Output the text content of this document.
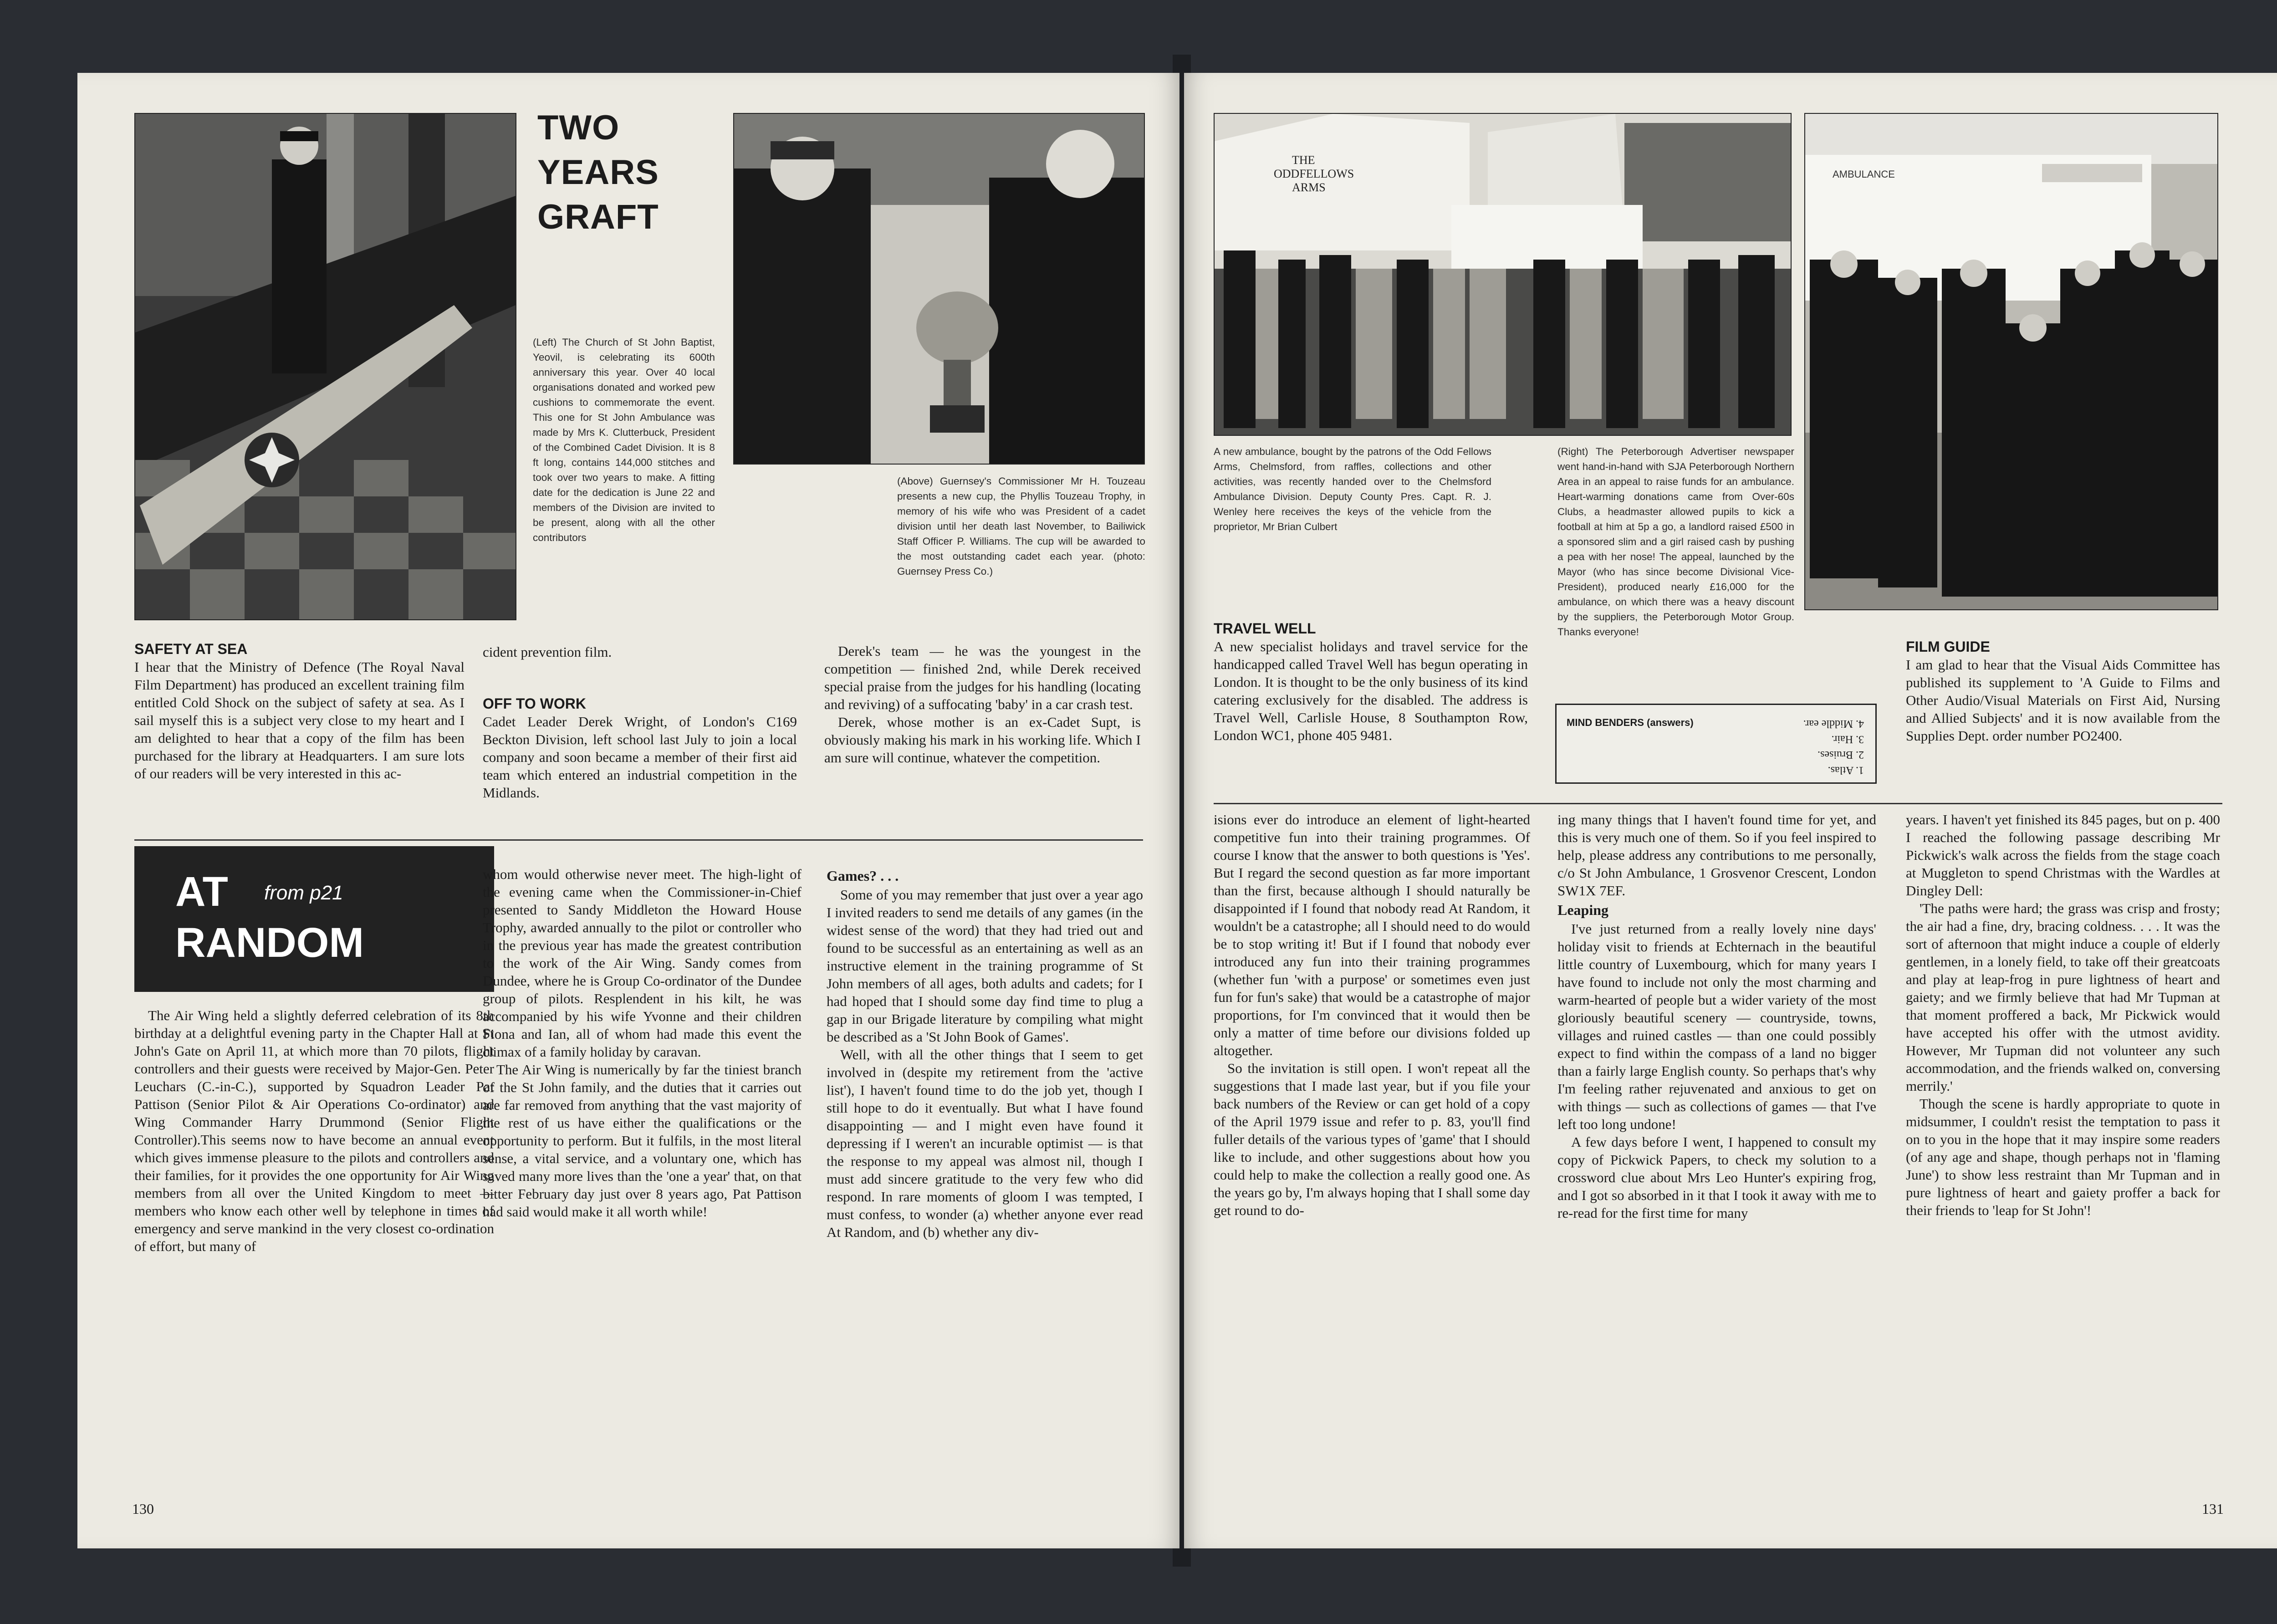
TWO
YEARS
GRAFT
(Left) The Church of St John Baptist, Yeovil, is celebrating its 600th anniversary this year. Over 40 local organisations donated and worked pew cushions to commemorate the event. This one for St John Ambulance was made by Mrs K. Clutterbuck, President of the Combined Cadet Division. It is 8 ft long, contains 144,000 stitches and took over two years to make. A fitting date for the dedication is June 22 and members of the Division are invited to be present, along with all the other contributors
(Above) Guernsey's Commissioner Mr H. Touzeau presents a new cup, the Phyllis Touzeau Trophy, in memory of his wife who was President of a cadet division until her death last November, to Bailiwick Staff Officer P. Williams. The cup will be awarded to the most outstanding cadet each year. (photo: Guernsey Press Co.)
SAFETY AT SEA

I hear that the Ministry of Defence (The Royal Naval Film Department) has produced an excellent training film entitled Cold Shock on the subject of safety at sea. As I sail myself this is a subject very close to my heart and I am delighted to hear that a copy of the film has been purchased for the library at Headquarters. I am sure lots of our readers will be very interested in this ac-

cident prevention film.

OFF TO WORK

Cadet Leader Derek Wright, of London's C169 Beckton Division, left school last July to join a local company and soon became a member of their first aid team which entered an industrial competition in the Midlands.

Derek's team — he was the youngest in the competition — finished 2nd, while Derek received special praise from the judges for his handling (locating and reviving) of a suffocating 'baby' in a car crash test.

Derek, whose mother is an ex-Cadet Supt, is obviously making his mark in his working life. Which I am sure will continue, whatever the competition.

AT from p21
RANDOM

The Air Wing held a slightly deferred celebration of its 8th birthday at a delightful evening party in the Chapter Hall at St John's Gate on April 11, at which more than 70 pilots, flight controllers and their guests were received by Major-Gen. Peter Leuchars (C.-in-C.), supported by Squadron Leader Pat Pattison (Senior Pilot & Air Operations Co-ordinator) and Wing Commander Harry Drummond (Senior Flight Controller).This seems now to have become an annual event which gives immense pleasure to the pilots and controllers and their families, for it provides the one opportunity for Air Wing members from all over the United Kingdom to meet — members who know each other well by telephone in times of emergency and serve mankind in the very closest co-ordination of effort, but many of

whom would otherwise never meet. The high-light of the evening came when the Commissioner-in-Chief presented to Sandy Middleton the Howard House Trophy, awarded annually to the pilot or controller who in the previous year has made the greatest contribution to the work of the Air Wing. Sandy comes from Dundee, where he is Group Co-ordinator of the Dundee group of pilots. Resplendent in his kilt, he was accompanied by his wife Yvonne and their children Fiona and Ian, all of whom had made this event the climax of a family holiday by caravan.

The Air Wing is numerically by far the tiniest branch of the St John family, and the duties that it carries out are far removed from anything that the vast majority of the rest of us have either the qualifications or the opportunity to perform. But it fulfils, in the most literal sense, a vital service, and a voluntary one, which has saved many more lives than the 'one a year' that, on that bitter February day just over 8 years ago, Pat Pattison had said would make it all worth while!

Games? . . .

Some of you may remember that just over a year ago I invited readers to send me details of any games (in the widest sense of the word) that they had tried out and found to be successful as an entertaining as well as an instructive element in the training programme of St John members of all ages, both adults and cadets; for I had hoped that I should some day find time to plug a gap in our Brigade literature by compiling what might be described as a 'St John Book of Games'.

Well, with all the other things that I seem to get involved in (despite my retirement from the 'active list'), I haven't found time to do the job yet, though I still hope to do it eventually. But what I have found disappointing — and I might even have found it depressing if I weren't an incurable optimist — is that the response to my appeal was almost nil, though I must add sincere gratitude to the very few who did respond. In rare moments of gloom I was tempted, I must confess, to wonder (a) whether anyone ever read At Random, and (b) whether any div-

130
THE
ODDFELLOWS
ARMS
AMBULANCE
A new ambulance, bought by the patrons of the Odd Fellows Arms, Chelmsford, from raffles, collections and other activities, was recently handed over to the Chelmsford Ambulance Division. Deputy County Pres. Capt. R. J. Wenley here receives the keys of the vehicle from the proprietor, Mr Brian Culbert
(Right) The Peterborough Advertiser newspaper went hand-in-hand with SJA Peterborough Northern Area in an appeal to raise funds for an ambulance. Heart-warming donations came from Over-60s Clubs, a headmaster allowed pupils to kick a football at him at 5p a go, a landlord raised £500 in a sponsored slim and a girl raised cash by pushing a pea with her nose! The appeal, launched by the Mayor (who has since become Divisional Vice-President), produced nearly £16,000 for the ambulance, on which there was a heavy discount by the suppliers, the Peterborough Motor Group. Thanks everyone!
TRAVEL WELL

A new specialist holidays and travel service for the handicapped called Travel Well has begun operating in London. It is thought to be the only business of its kind catering exclusively for the disabled. The address is Travel Well, Carlisle House, 8 Southampton Row, London WC1, phone 405 9481.

MIND BENDERS (answers)
1. Atlas.
2. Bruises.
3. Hair.
4. Middle ear.
FILM GUIDE

I am glad to hear that the Visual Aids Committee has published its supplement to 'A Guide to Films and Other Audio/Visual Materials on First Aid, Nursing and Allied Subjects' and it is now available from the Supplies Dept. order number PO2400.

isions ever do introduce an element of light-hearted competitive fun into their training programmes. Of course I know that the answer to both questions is 'Yes'. But I regard the second question as far more important than the first, because although I should naturally be disappointed if I found that nobody read At Random, it wouldn't be a catastrophe; all I should need to do would be to stop writing it! But if I found that nobody ever introduced any fun into their training programmes (whether fun 'with a purpose' or sometimes even just fun for fun's sake) that would be a catastrophe of major proportions, for I'm convinced that it would then be only a matter of time before our divisions folded up altogether.

So the invitation is still open. I won't repeat all the suggestions that I made last year, but if you file your back numbers of the Review or can get hold of a copy of the April 1979 issue and refer to p. 83, you'll find fuller details of the various types of 'game' that I should like to include, and other suggestions about how you could help to make the collection a really good one. As the years go by, I'm always hoping that I shall some day get round to do-

ing many things that I haven't found time for yet, and this is very much one of them. So if you feel inspired to help, please address any contributions to me personally, c/o St John Ambulance, 1 Grosvenor Crescent, London SW1X 7EF.

Leaping

I've just returned from a really lovely nine days' holiday visit to friends at Echternach in the beautiful little country of Luxembourg, which for many years I have found to include not only the most charming and warm-hearted of people but a wider variety of the most gloriously beautiful scenery — countryside, towns, villages and ruined castles — than one could possibly expect to find within the compass of a land no bigger than a fairly large English county. So perhaps that's why I'm feeling rather rejuvenated and anxious to get on with things — such as collections of games — that I've left too long undone!

A few days before I went, I happened to consult my copy of Pickwick Papers, to check my solution to a crossword clue about Mrs Leo Hunter's expiring frog, and I got so absorbed in it that I took it away with me to re-read for the first time for many

years. I haven't yet finished its 845 pages, but on p. 400 I reached the following passage describing Mr Pickwick's walk across the fields from the stage coach at Muggleton to spend Christmas with the Wardles at Dingley Dell:

'The paths were hard; the grass was crisp and frosty; the air had a fine, dry, bracing coldness. . . . It was the sort of afternoon that might induce a couple of elderly gentlemen, in a lonely field, to take off their greatcoats and play at leap-frog in pure lightness of heart and gaiety; and we firmly believe that had Mr Tupman at that moment proffered a back, Mr Pickwick would have accepted his offer with the utmost avidity. However, Mr Tupman did not volunteer any such accommodation, and the friends walked on, conversing merrily.'

Though the scene is hardly appropriate to quote in midsummer, I couldn't resist the temptation to pass it on to you in the hope that it may inspire some readers (of any age and shape, though perhaps not in 'flaming June') to show less restraint than Mr Tupman and in pure lightness of heart and gaiety proffer a back for their friends to 'leap for St John'!

131
